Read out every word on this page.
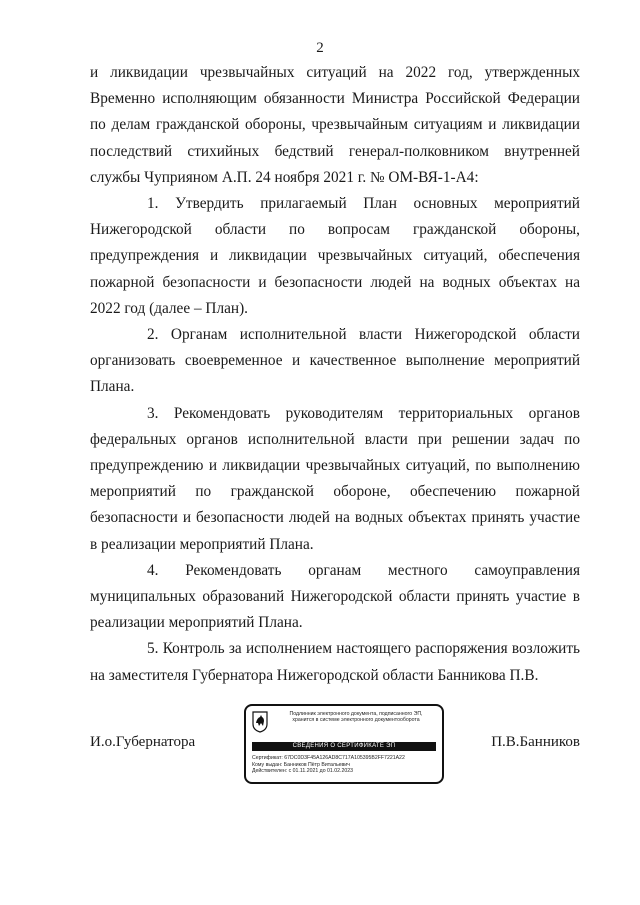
2

и ликвидации чрезвычайных ситуаций на 2022 год, утвержденных Временно исполняющим обязанности Министра Российской Федерации по делам гражданской обороны, чрезвычайным ситуациям и ликвидации последствий стихийных бедствий генерал-полковником внутренней службы Чуприяном А.П. 24 ноября 2021 г. № ОМ-ВЯ-1-А4:

1. Утвердить прилагаемый План основных мероприятий Нижегородской области по вопросам гражданской обороны, предупреждения и ликвидации чрезвычайных ситуаций, обеспечения пожарной безопасности и безопасности людей на водных объектах на 2022 год (далее – План).

2. Органам исполнительной власти Нижегородской области организовать своевременное и качественное выполнение мероприятий Плана.

3. Рекомендовать руководителям территориальных органов федеральных органов исполнительной власти при решении задач по предупреждению и ликвидации чрезвычайных ситуаций, по выполнению мероприятий по гражданской обороне, обеспечению пожарной безопасности и безопасности людей на водных объектах принять участие в реализации мероприятий Плана.

4. Рекомендовать органам местного самоуправления муниципальных образований Нижегородской области принять участие в реализации мероприятий Плана.

5. Контроль за исполнением настоящего распоряжения возложить на заместителя Губернатора Нижегородской области Банникова П.В.

И.о.Губернатора	П.В.Банников
Подлинник электронного документа, подписанного ЭП,
хранится в системе электронного документооборота
СВЕДЕНИЯ О СЕРТИФИКАТЕ ЭП
Сертификат: 67DC0D3F45A126AD8C717A105395B2FF7221A22
Кому выдан: Банников Пётр Витальевич
Действителен: с 01.11.2021 до 01.02.2023
